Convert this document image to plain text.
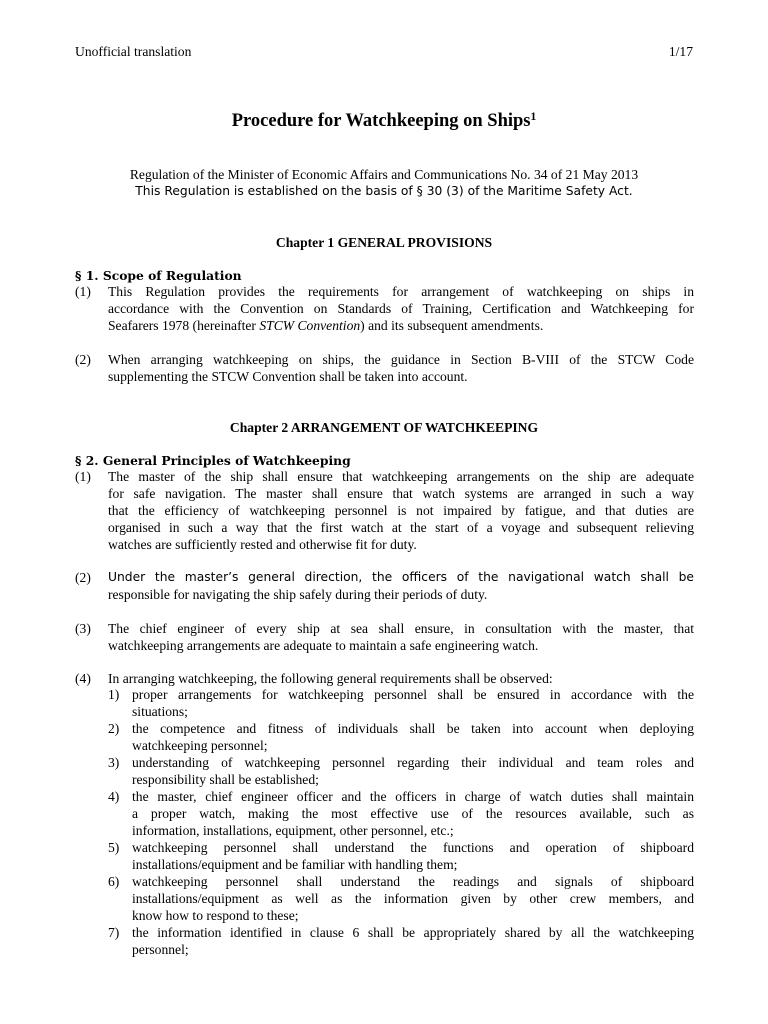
Unofficial translation	1/17
Procedure for Watchkeeping on Ships$^1$
Regulation of the Minister of Economic Affairs and Communications No. 34 of 21 May 2013
This Regulation is established on the basis of § 30 (3) of the Maritime Safety Act.
Chapter 1 GENERAL PROVISIONS
§ 1. Scope of Regulation
(1) This Regulation provides the requirements for arrangement of watchkeeping on ships in
accordance with the Convention on Standards of Training, Certification and Watchkeeping for
Seafarers 1978 (hereinafter STCW Convention) and its subsequent amendments.
(2) When arranging watchkeeping on ships, the guidance in Section B-VIII of the STCW Code
supplementing the STCW Convention shall be taken into account.
Chapter 2 ARRANGEMENT OF WATCHKEEPING
§ 2. General Principles of Watchkeeping
(1) The master of the ship shall ensure that watchkeeping arrangements on the ship are adequate
for safe navigation. The master shall ensure that watch systems are arranged in such a way
that the efficiency of watchkeeping personnel is not impaired by fatigue, and that duties are
organised in such a way that the first watch at the start of a voyage and subsequent relieving
watches are sufficiently rested and otherwise fit for duty.
(2) Under the master’s general direction, the officers of the navigational watch shall be
responsible for navigating the ship safely during their periods of duty.
(3) The chief engineer of every ship at sea shall ensure, in consultation with the master, that
watchkeeping arrangements are adequate to maintain a safe engineering watch.
(4) In arranging watchkeeping, the following general requirements shall be observed:
1) proper arrangements for watchkeeping personnel shall be ensured in accordance with the
situations;
2) the competence and fitness of individuals shall be taken into account when deploying
watchkeeping personnel;
3) understanding of watchkeeping personnel regarding their individual and team roles and
responsibility shall be established;
4) the master, chief engineer officer and the officers in charge of watch duties shall maintain
a proper watch, making the most effective use of the resources available, such as
information, installations, equipment, other personnel, etc.;
5) watchkeeping personnel shall understand the functions and operation of shipboard
installations/equipment and be familiar with handling them;
6) watchkeeping personnel shall understand the readings and signals of shipboard
installations/equipment as well as the information given by other crew members, and
know how to respond to these;
7) the information identified in clause 6 shall be appropriately shared by all the watchkeeping
personnel;
